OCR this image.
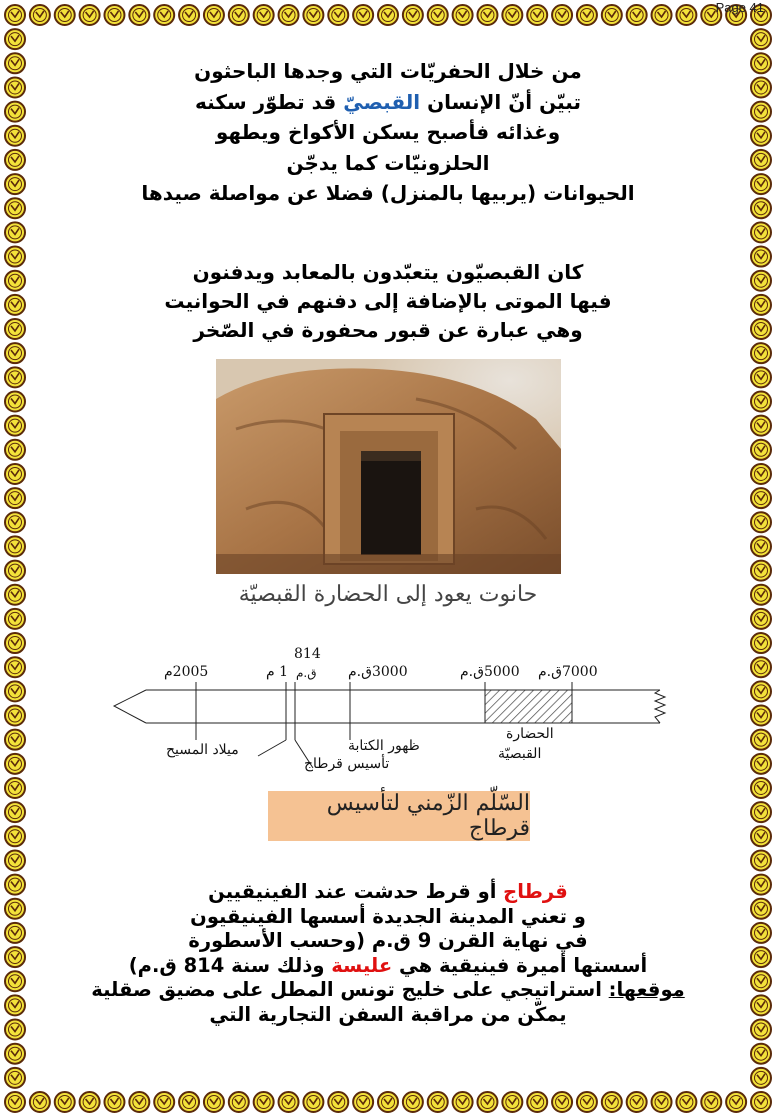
Page 41
من خلال الحفريّات التي وجدها الباحثون
تبيّن أنّ الإنسان القبصيّ قد تطوّر سكنه
وغذائه فأصبح يسكن الأكواخ ويطهو
الحلزونيّات كما يدجّن
الحيوانات (يربيها بالمنزل) فضلا عن مواصلة صيدها
كان القبصيّون يتعبّدون بالمعابد ويدفنون
فيها الموتى بالإضافة إلى دفنهم في الحوانيت
وهي عبارة عن قبور محفورة في الصّخر
حانوت يعود إلى الحضارة القبصيّة
2005م	1 م
814
ق.م 3000ق.م	5000ق.م 7000ق.م
ميلاد المسيح
تأسيس قرطاج
ظهور الكتابة
الحضارة
القبصيّة
السّلّم الزّمني لتأسيس قرطاج
قرطاج أو قرط حدشت عند الفينيقيين
و تعني المدينة الجديدة أسسها الفينيقيون
في نهاية القرن 9 ق.م (وحسب الأسطورة
أسستها أميرة فينيقية هي عليسة وذلك سنة 814 ق.م)
موقعها: استراتيجي على خليج تونس المطل على مضيق صقلية
يمكّن من مراقبة السفن التجارية التي
